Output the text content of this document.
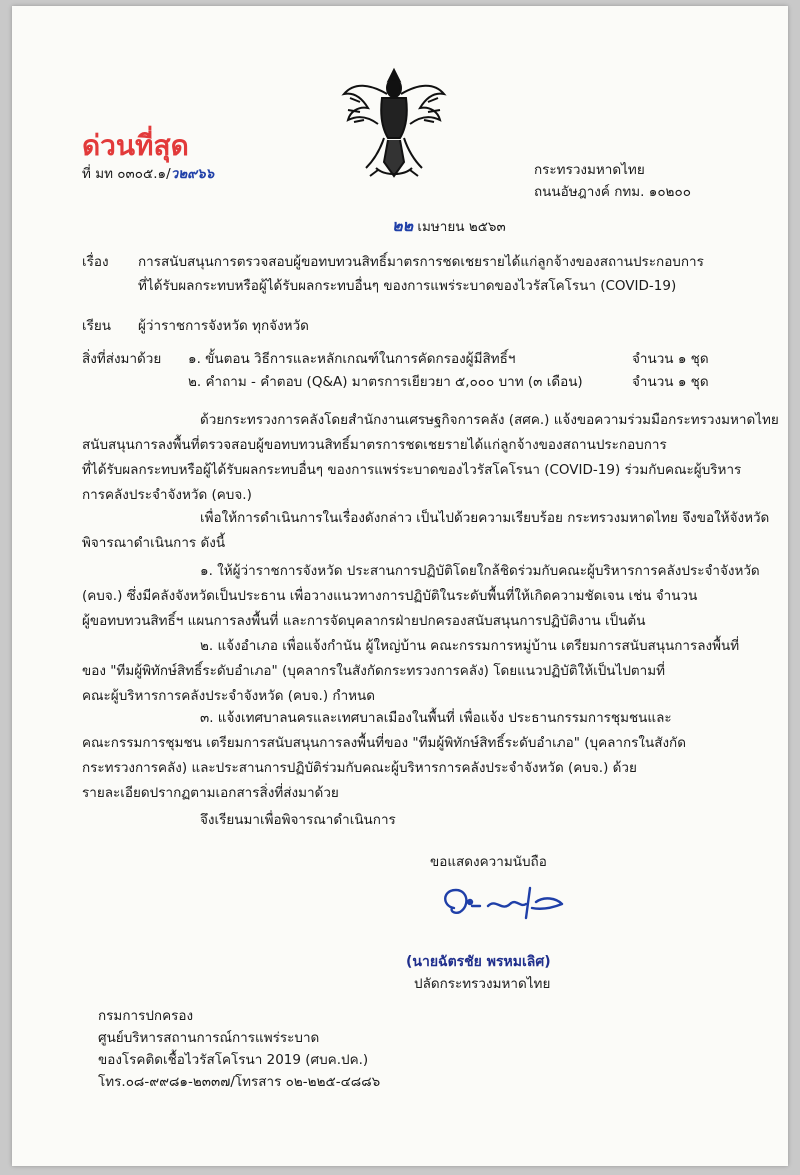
ด่วนที่สุด
ที่ มท ๐๓๐๕.๑/ว๒๙๖๖	กระทรวงมหาดไทย
ถนนอัษฎางค์ กทม. ๑๐๒๐๐
๒๒ เมษายน ๒๕๖๓
เรื่อง การสนับสนุนการตรวจสอบผู้ขอทบทวนสิทธิ์มาตรการชดเชยรายได้แก่ลูกจ้างของสถานประกอบการ
ที่ได้รับผลกระทบหรือผู้ได้รับผลกระทบอื่นๆ ของการแพร่ระบาดของไวรัสโคโรนา (COVID-19)
เรียน ผู้ว่าราชการจังหวัด ทุกจังหวัด
สิ่งที่ส่งมาด้วย ๑. ขั้นตอน วิธีการและหลักเกณฑ์ในการคัดกรองผู้มีสิทธิ์ฯ	จำนวน ๑ ชุด
๒. คำถาม - คำตอบ (Q&A) มาตรการเยียวยา ๕,๐๐๐ บาท (๓ เดือน)	จำนวน ๑ ชุด

ด้วยกระทรวงการคลังโดยสำนักงานเศรษฐกิจการคลัง (สศค.) แจ้งขอความร่วมมือกระทรวงมหาดไทย

สนับสนุนการลงพื้นที่ตรวจสอบผู้ขอทบทวนสิทธิ์มาตรการชดเชยรายได้แก่ลูกจ้างของสถานประกอบการ

ที่ได้รับผลกระทบหรือผู้ได้รับผลกระทบอื่นๆ ของการแพร่ระบาดของไวรัสโคโรนา (COVID-19) ร่วมกับคณะผู้บริหาร

การคลังประจำจังหวัด (คบจ.)

เพื่อให้การดำเนินการในเรื่องดังกล่าว เป็นไปด้วยความเรียบร้อย กระทรวงมหาดไทย จึงขอให้จังหวัด

พิจารณาดำเนินการ ดังนี้

๑. ให้ผู้ว่าราชการจังหวัด ประสานการปฏิบัติโดยใกล้ชิดร่วมกับคณะผู้บริหารการคลังประจำจังหวัด

(คบจ.) ซึ่งมีคลังจังหวัดเป็นประธาน เพื่อวางแนวทางการปฏิบัติในระดับพื้นที่ให้เกิดความชัดเจน เช่น จำนวน

ผู้ขอทบทวนสิทธิ์ฯ แผนการลงพื้นที่ และการจัดบุคลากรฝ่ายปกครองสนับสนุนการปฏิบัติงาน เป็นต้น

๒. แจ้งอำเภอ เพื่อแจ้งกำนัน ผู้ใหญ่บ้าน คณะกรรมการหมู่บ้าน เตรียมการสนับสนุนการลงพื้นที่

ของ "ทีมผู้พิทักษ์สิทธิ์ระดับอำเภอ" (บุคลากรในสังกัดกระทรวงการคลัง) โดยแนวปฏิบัติให้เป็นไปตามที่

คณะผู้บริหารการคลังประจำจังหวัด (คบจ.) กำหนด

๓. แจ้งเทศบาลนครและเทศบาลเมืองในพื้นที่ เพื่อแจ้ง ประธานกรรมการชุมชนและ

คณะกรรมการชุมชน เตรียมการสนับสนุนการลงพื้นที่ของ "ทีมผู้พิทักษ์สิทธิ์ระดับอำเภอ" (บุคลากรในสังกัด

กระทรวงการคลัง) และประสานการปฏิบัติร่วมกับคณะผู้บริหารการคลังประจำจังหวัด (คบจ.) ด้วย

รายละเอียดปรากฏตามเอกสารสิ่งที่ส่งมาด้วย

จึงเรียนมาเพื่อพิจารณาดำเนินการ
ขอแสดงความนับถือ
(นายฉัตรชัย พรหมเลิศ)
ปลัดกระทรวงมหาดไทย
กรมการปกครอง
ศูนย์บริหารสถานการณ์การแพร่ระบาด
ของโรคติดเชื้อไวรัสโคโรนา 2019 (ศบค.ปค.)
โทร.๐๘-๙๙๘๑-๒๓๓๗/โทรสาร ๐๒-๒๒๕-๔๘๘๖
